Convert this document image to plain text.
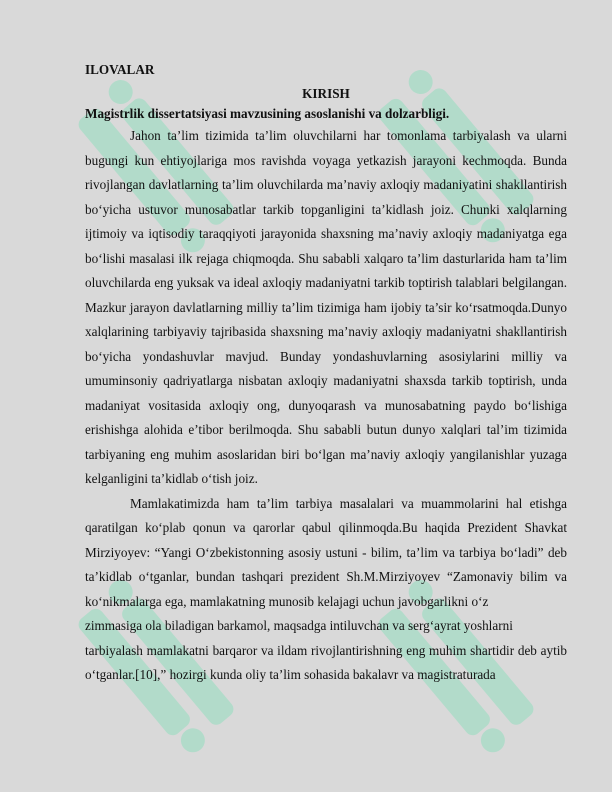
ILOVALAR

KIRISH

Magistrlik dissertatsiyasi mavzusining asoslanishi va dolzarbligi.

Jahon ta’lim tizimida ta’lim oluvchilarni har tomonlama tarbiyalash va ularni bugungi kun ehtiyojlariga mos ravishda voyaga yetkazish jarayoni kechmoqda. Bunda rivojlangan davlatlarning ta’lim oluvchilarda ma’naviy axloqiy madaniyatini shakllantirish bo‘yicha ustuvor munosabatlar tarkib topganligini ta’kidlash joiz. Chunki xalqlarning ijtimoiy va iqtisodiy taraqqiyoti jarayonida shaxsning ma’naviy axloqiy madaniyatga ega bo‘lishi masalasi ilk rejaga chiqmoqda. Shu sababli xalqaro ta’lim dasturlarida ham ta’lim oluvchilarda eng yuksak va ideal axloqiy madaniyatni tarkib toptirish talablari belgilangan. Mazkur jarayon davlatlarning milliy ta’lim tizimiga ham ijobiy ta’sir ko‘rsatmoqda.Dunyo xalqlarining tarbiyaviy tajribasida shaxsning ma’naviy axloqiy madaniyatni shakllantirish bo‘yicha yondashuvlar mavjud. Bunday yondashuvlarning asosiylarini milliy va umuminsoniy qadriyatlarga nisbatan axloqiy madaniyatni shaxsda tarkib toptirish, unda madaniyat vositasida axloqiy ong, dunyoqarash va munosabatning paydo bo‘lishiga erishishga alohida e’tibor berilmoqda. Shu sababli butun dunyo xalqlari tal’im tizimida tarbiyaning eng muhim asoslaridan biri bo‘lgan ma’naviy axloqiy yangilanishlar yuzaga kelganligini ta’kidlab o‘tish joiz.

Mamlakatimizda ham ta’lim tarbiya masalalari va muammolarini hal etishga qaratilgan ko‘plab qonun va qarorlar qabul qilinmoqda.Bu haqida Prezident Shavkat Mirziyoyev: “Yangi O‘zbekistonning asosiy ustuni - bilim, ta’lim va tarbiya bo‘ladi” deb ta’kidlab o‘tganlar, bundan tashqari prezident Sh.M.Mirziyoyev “Zamonaviy bilim va ko‘nikmalarga ega, mamlakatning munosib kelajagi uchun javobgarlikni o‘z

zimmasiga ola biladigan barkamol, maqsadga intiluvchan va serg‘ayrat yoshlarni

tarbiyalash mamlakatni barqaror va ildam rivojlantirishning eng muhim shartidir deb aytib o‘tganlar.[10],” hozirgi kunda oliy ta’lim sohasida bakalavr va magistraturada
